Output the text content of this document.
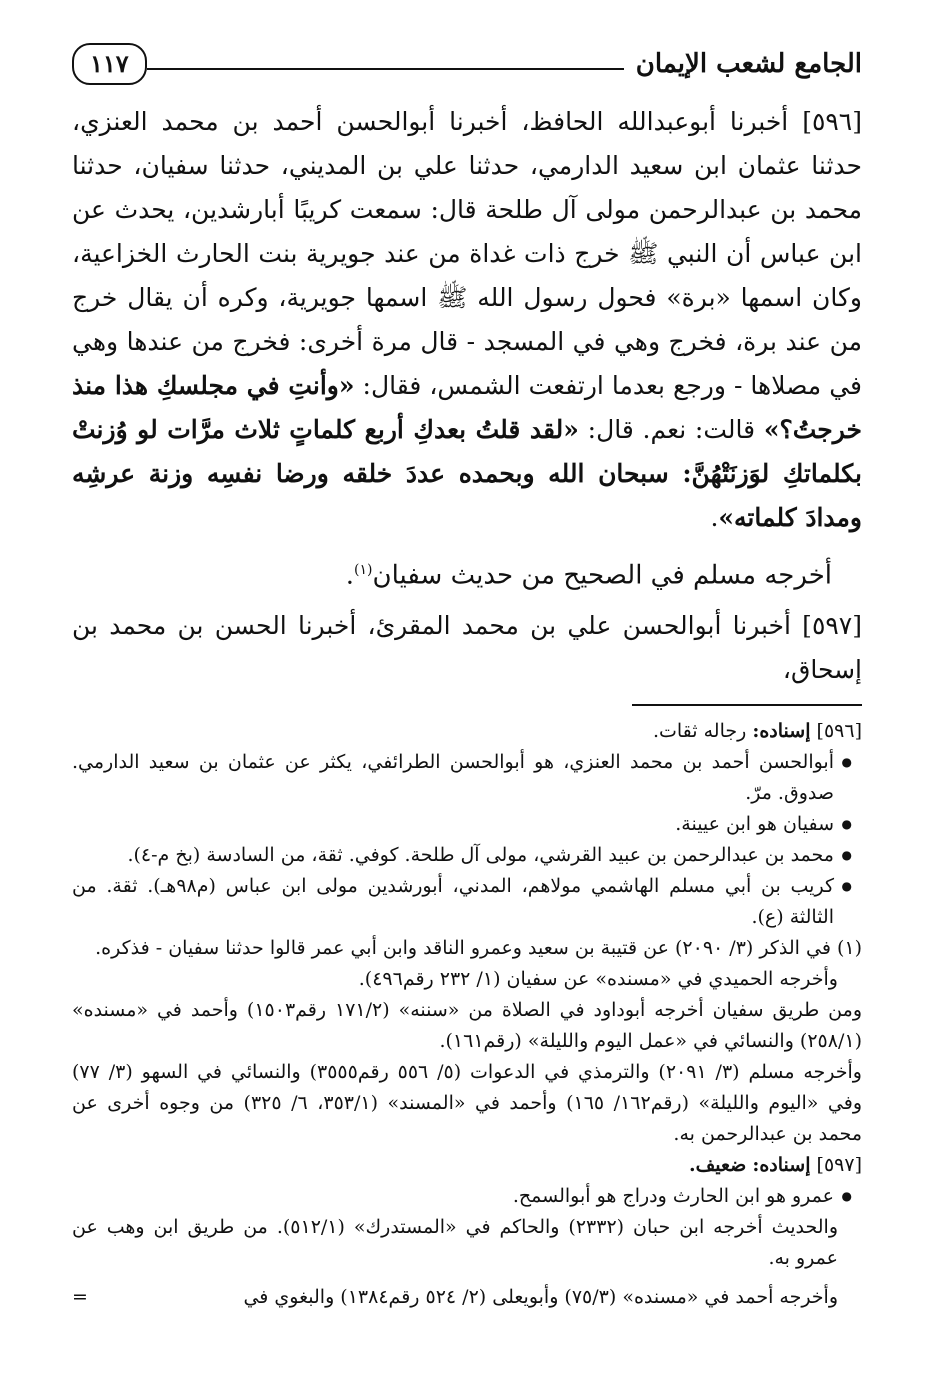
الجامع لشعب الإيمان
١١٧

[٥٩٦] أخبرنا أبوعبدالله الحافظ، أخبرنا أبوالحسن أحمد بن محمد العنزي، حدثنا عثمان ابن سعيد الدارمي، حدثنا علي بن المديني، حدثنا سفيان، حدثنا محمد بن عبدالرحمن مولى آل طلحة قال: سمعت كريبًا أبارشدين، يحدث عن ابن عباس أن النبي ﷺ خرج ذات غداة من عند جويرية بنت الحارث الخزاعية، وكان اسمها «برة» فحول رسول الله ﷺ اسمها جويرية، وكره أن يقال خرج من عند برة، فخرج وهي في المسجد - قال مرة أخرى: فخرج من عندها وهي في مصلاها - ورجع بعدما ارتفعت الشمس، فقال: «وأنتِ في مجلسكِ هذا منذ خرجتُ؟» قالت: نعم. قال: «لقد قلتُ بعدكِ أربع كلماتٍ ثلاث مرَّات لو وُزنتْ بكلماتكِ لوَزنَتْهُنَّ: سبحان الله وبحمده عددَ خلقه ورضا نفسِه وزنة عرشِه ومدادَ كلماته».

أخرجه مسلم في الصحيح من حديث سفيان$^{(١)}$.

[٥٩٧] أخبرنا أبوالحسن علي بن محمد المقرئ، أخبرنا الحسن بن محمد بن إسحاق،

[٥٩٦] إسناده: رجاله ثقات.

● أبوالحسن أحمد بن محمد العنزي، هو أبوالحسن الطرائفي، يكثر عن عثمان بن سعيد الدارمي. صدوق. مرّ.
● سفيان هو ابن عيينة.
● محمد بن عبدالرحمن بن عبيد القرشي، مولى آل طلحة. كوفي. ثقة، من السادسة (بخ م-٤).
● كريب بن أبي مسلم الهاشمي مولاهم، المدني، أبورشدين مولى ابن عباس (م٩٨هـ). ثقة. من الثالثة (ع).

(١) في الذكر (٣/ ٢٠٩٠) عن قتيبة بن سعيد وعمرو الناقد وابن أبي عمر قالوا حدثنا سفيان - فذكره.

وأخرجه الحميدي في «مسنده» عن سفيان (١/ ٢٣٢ رقم٤٩٦).

ومن طريق سفيان أخرجه أبوداود في الصلاة من «سننه» (١٧١/٢ رقم١٥٠٣) وأحمد في «مسنده» (٢٥٨/١) والنسائي في «عمل اليوم والليلة» (رقم١٦١).

وأخرجه مسلم (٣/ ٢٠٩١) والترمذي في الدعوات (٥/ ٥٥٦ رقم٣٥٥٥) والنسائي في السهو (٣/ ٧٧) وفي «اليوم والليلة» (رقم١٦٢/ ١٦٥) وأحمد في «المسند» (٣٥٣/١، ٦/ ٣٢٥) من وجوه أخرى عن محمد بن عبدالرحمن به.

[٥٩٧] إسناده: ضعيف.

● عمرو هو ابن الحارث ودراج هو أبوالسمح.

والحديث أخرجه ابن حبان (٢٣٣٢) والحاكم في «المستدرك» (٥١٢/١). من طريق ابن وهب عن عمرو به.

وأخرجه أحمد في «مسنده» (٧٥/٣) وأبويعلى (٢/ ٥٢٤ رقم١٣٨٤) والبغوي في
=
